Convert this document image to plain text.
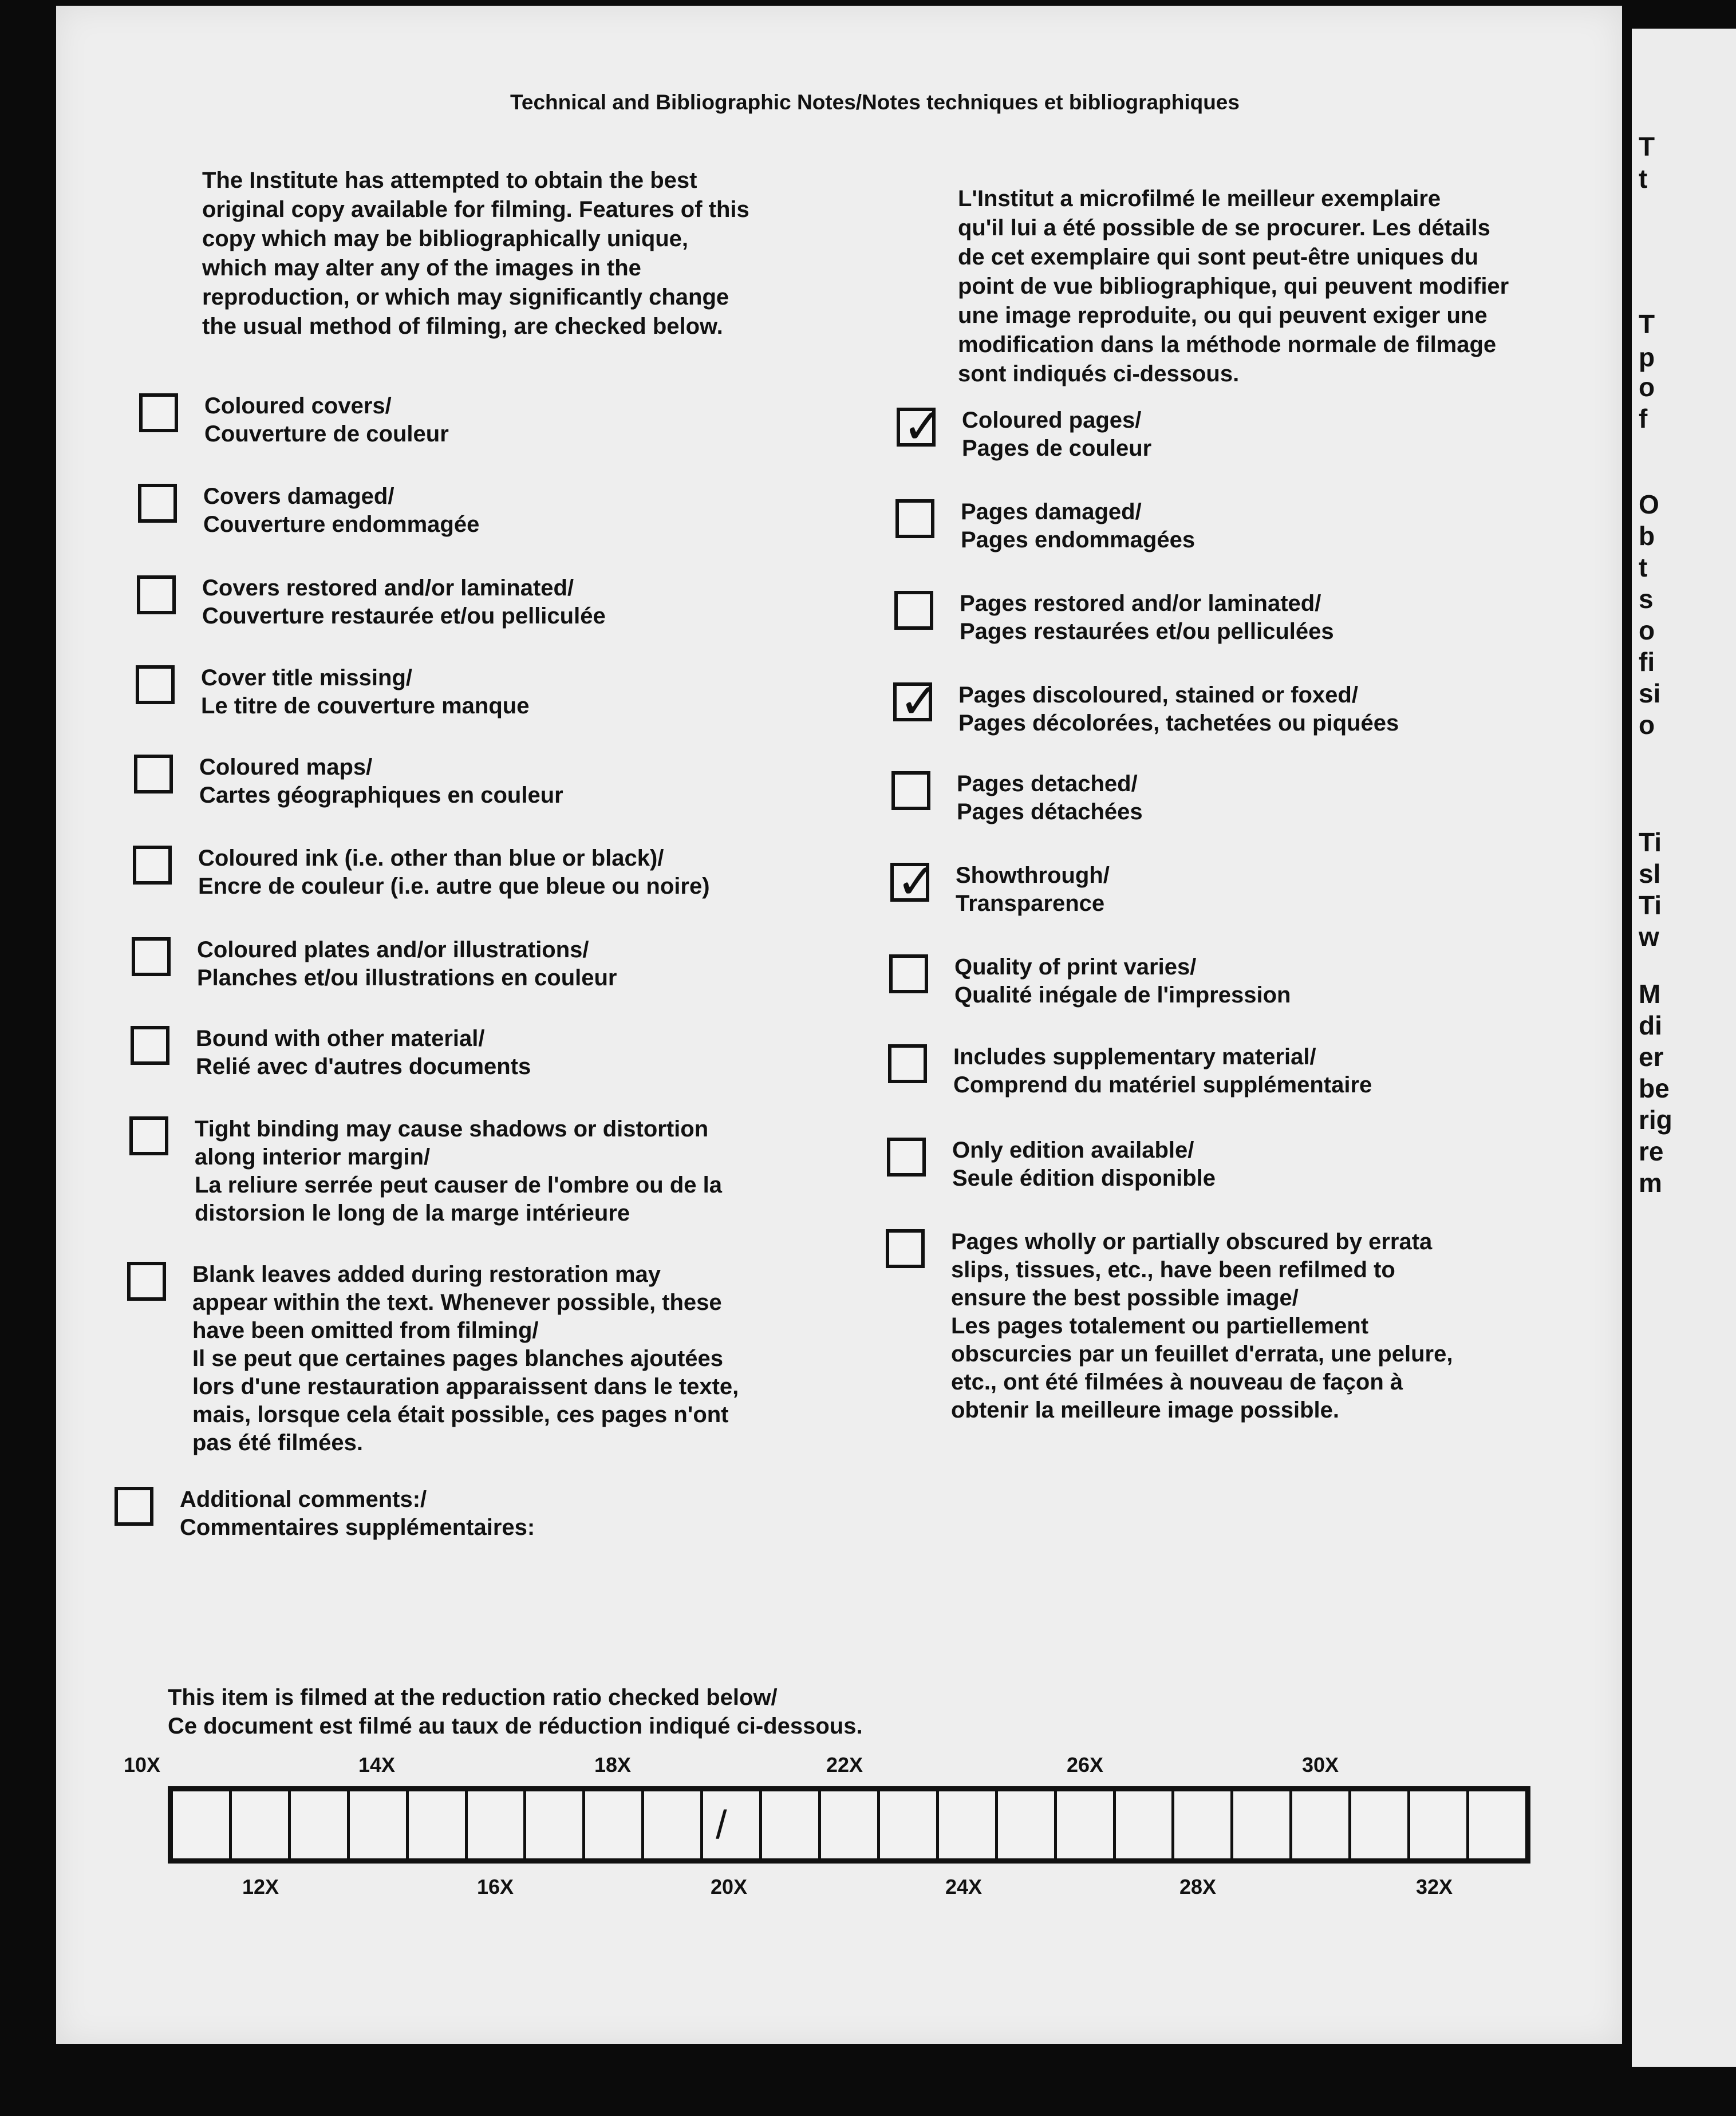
Technical and Bibliographic Notes/Notes techniques et bibliographiques
The Institute has attempted to obtain the best
original copy available for filming. Features of this
copy which may be bibliographically unique,
which may alter any of the images in the
reproduction, or which may significantly change
the usual method of filming, are checked below.
L'Institut a microfilmé le meilleur exemplaire
qu'il lui a été possible de se procurer. Les détails
de cet exemplaire qui sont peut-être uniques du
point de vue bibliographique, qui peuvent modifier
une image reproduite, ou qui peuvent exiger une
modification dans la méthode normale de filmage
sont indiqués ci-dessous.
Coloured covers/
Couverture de couleur
Covers damaged/
Couverture endommagée
Covers restored and/or laminated/
Couverture restaurée et/ou pelliculée
Cover title missing/
Le titre de couverture manque
Coloured maps/
Cartes géographiques en couleur
Coloured ink (i.e. other than blue or black)/
Encre de couleur (i.e. autre que bleue ou noire)
Coloured plates and/or illustrations/
Planches et/ou illustrations en couleur
Bound with other material/
Relié avec d'autres documents
Tight binding may cause shadows or distortion
along interior margin/
La reliure serrée peut causer de l'ombre ou de la
distorsion le long de la marge intérieure
Blank leaves added during restoration may
appear within the text. Whenever possible, these
have been omitted from filming/
Il se peut que certaines pages blanches ajoutées
lors d'une restauration apparaissent dans le texte,
mais, lorsque cela était possible, ces pages n'ont
pas été filmées.
Additional comments:/
Commentaires supplémentaires:
✓ Coloured pages/
Pages de couleur
Pages damaged/
Pages endommagées
Pages restored and/or laminated/
Pages restaurées et/ou pelliculées
✓ Pages discoloured, stained or foxed/
Pages décolorées, tachetées ou piquées
Pages detached/
Pages détachées
✓ Showthrough/
Transparence
Quality of print varies/
Qualité inégale de l'impression
Includes supplementary material/
Comprend du matériel supplémentaire
Only edition available/
Seule édition disponible
Pages wholly or partially obscured by errata
slips, tissues, etc., have been refilmed to
ensure the best possible image/
Les pages totalement ou partiellement
obscurcies par un feuillet d'errata, une pelure,
etc., ont été filmées à nouveau de façon à
obtenir la meilleure image possible.
This item is filmed at the reduction ratio checked below/
Ce document est filmé au taux de réduction indiqué ci-dessous.
10X	14X	18X	22X	26X	30X
/
12X	16X	20X	24X	28X	32X
T
t
T
p
o
f
O
b
t
s
o
fi
si
o
Ti
sl
Ti
w
M
di
er
be
rig
re
m
